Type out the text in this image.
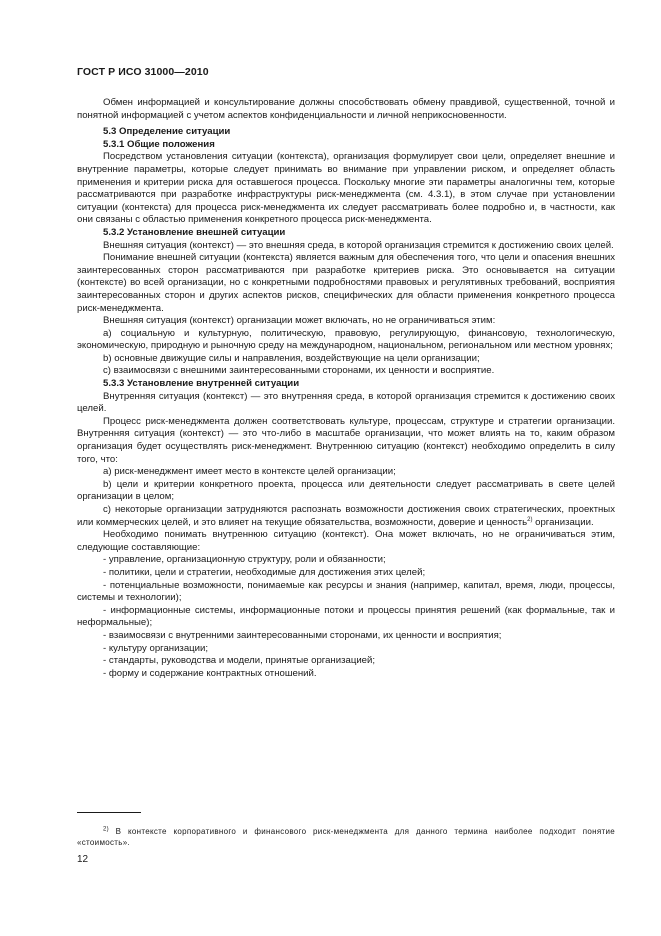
ГОСТ Р ИСО 31000—2010

Обмен информацией и консультирование должны способствовать обмену правдивой, существенной, точной и понятной информацией с учетом аспектов конфиденциальности и личной неприкосновенности.

5.3 Определение ситуации

5.3.1 Общие положения

Посредством установления ситуации (контекста), организация формулирует свои цели, определяет внешние и внутренние параметры, которые следует принимать во внимание при управлении риском, и определяет область применения и критерии риска для оставшегося процесса. Поскольку многие эти параметры аналогичны тем, которые рассматриваются при разработке инфраструктуры риск-менеджмента (см. 4.3.1), в этом случае при установлении ситуации (контекста) для процесса риск-менеджмента их следует рассматривать более подробно и, в частности, как они связаны с областью применения конкретного процесса риск-менеджмента.

5.3.2 Установление внешней ситуации

Внешняя ситуация (контекст) — это внешняя среда, в которой организация стремится к достижению своих целей.

Понимание внешней ситуации (контекста) является важным для обеспечения того, что цели и опасения внешних заинтересованных сторон рассматриваются при разработке критериев риска. Это основывается на ситуации (контексте) во всей организации, но с конкретными подробностями правовых и регулятивных требований, восприятия заинтересованных сторон и других аспектов рисков, специфических для области применения конкретного процесса риск-менеджмента.

Внешняя ситуация (контекст) организации может включать, но не ограничиваться этим:

а) социальную и культурную, политическую, правовую, регулирующую, финансовую, технологическую, экономическую, природную и рыночную среду на международном, национальном, региональном или местном уровнях;

b) основные движущие силы и направления, воздействующие на цели организации;

c) взаимосвязи с внешними заинтересованными сторонами, их ценности и восприятие.

5.3.3 Установление внутренней ситуации

Внутренняя ситуация (контекст) — это внутренняя среда, в которой организация стремится к достижению своих целей.

Процесс риск-менеджмента должен соответствовать культуре, процессам, структуре и стратегии организации. Внутренняя ситуация (контекст) — это что-либо в масштабе организации, что может влиять на то, каким образом организация будет осуществлять риск-менеджмент. Внутреннюю ситуацию (контекст) необходимо определить в силу того, что:

а) риск-менеджмент имеет место в контексте целей организации;

b) цели и критерии конкретного проекта, процесса или деятельности следует рассматривать в свете целей организации в целом;

c) некоторые организации затрудняются распознать возможности достижения своих стратегических, проектных или коммерческих целей, и это влияет на текущие обязательства, возможности, доверие и ценность$^{2)}$ организации.

Необходимо понимать внутреннюю ситуацию (контекст). Она может включать, но не ограничиваться этим, следующие составляющие:

- управление, организационную структуру, роли и обязанности;

- политики, цели и стратегии, необходимые для достижения этих целей;

- потенциальные возможности, понимаемые как ресурсы и знания (например, капитал, время, люди, процессы, системы и технологии);

- информационные системы, информационные потоки и процессы принятия решений (как формальные, так и неформальные);

- взаимосвязи с внутренними заинтересованными сторонами, их ценности и восприятия;

- культуру организации;

- стандарты, руководства и модели, принятые организацией;

- форму и содержание контрактных отношений.

$^{2)}$ В контексте корпоративного и финансового риск-менеджмента для данного термина наиболее подходит понятие «стоимость».

12
